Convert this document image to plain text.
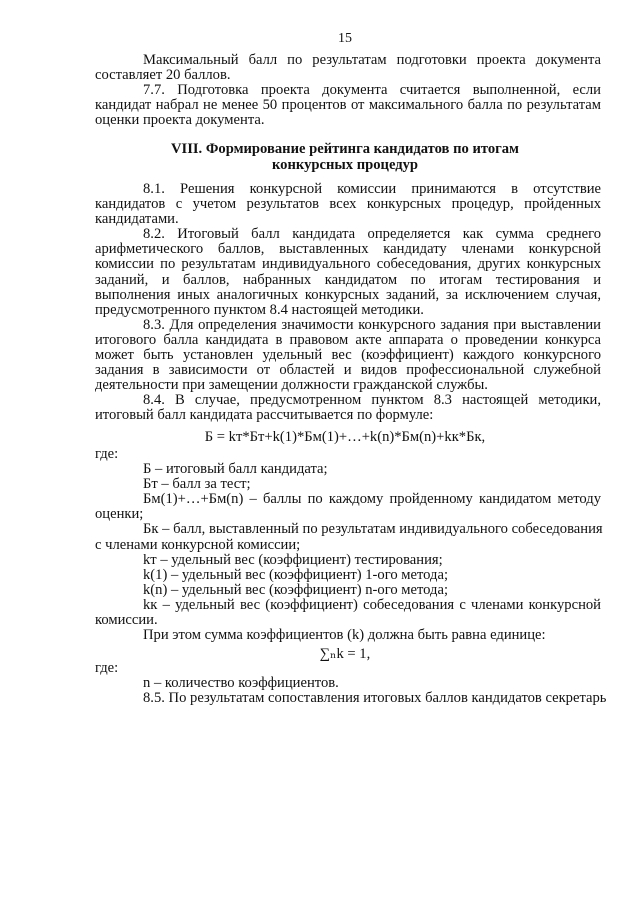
15
Максимальный балл по результатам подготовки проекта документа
составляет 20 баллов.
7.7. Подготовка проекта документа считается выполненной, если
кандидат набрал не менее 50 процентов от максимального балла по результатам
оценки проекта документа.
VIII. Формирование рейтинга кандидатов по итогам
конкурсных процедур
8.1. Решения конкурсной комиссии принимаются в отсутствие
кандидатов с учетом результатов всех конкурсных процедур, пройденных
кандидатами.
8.2. Итоговый балл кандидата определяется как сумма среднего
арифметического баллов, выставленных кандидату членами конкурсной
комиссии по результатам индивидуального собеседования, других конкурсных
заданий, и баллов, набранных кандидатом по итогам тестирования и
выполнения иных аналогичных конкурсных заданий, за исключением случая,
предусмотренного пунктом 8.4 настоящей методики.
8.3. Для определения значимости конкурсного задания при выставлении
итогового балла кандидата в правовом акте аппарата о проведении конкурса
может быть установлен удельный вес (коэффициент) каждого конкурсного
задания в зависимости от областей и видов профессиональной служебной
деятельности при замещении должности гражданской службы.
8.4. В случае, предусмотренном пунктом 8.3 настоящей методики,
итоговый балл кандидата рассчитывается по формуле:
Б = kт*Бт+k(1)*Бм(1)+…+k(n)*Бм(n)+kк*Бк,
где:
Б – итоговый балл кандидата;
Бт – балл за тест;
Бм(1)+…+Бм(n) – баллы по каждому пройденному кандидатом методу
оценки;
Бк – балл, выставленный по результатам индивидуального собеседования
с членами конкурсной комиссии;
kт – удельный вес (коэффициент) тестирования;
k(1) – удельный вес (коэффициент) 1-ого метода;
k(n) – удельный вес (коэффициент) n-ого метода;
kк – удельный вес (коэффициент) собеседования с членами конкурсной
комиссии.
При этом сумма коэффициентов (k) должна быть равна единице:
∑ₙk = 1,
где:
n – количество коэффициентов.
8.5. По результатам сопоставления итоговых баллов кандидатов секретарь
